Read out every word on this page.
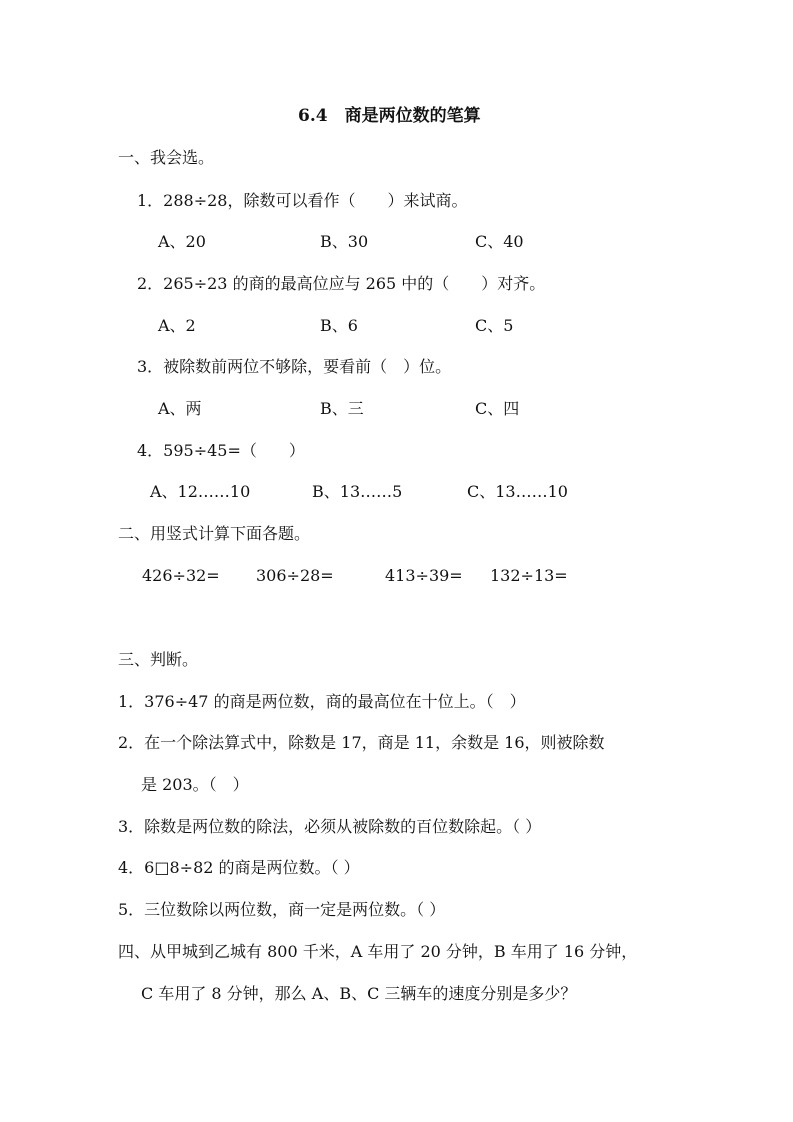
6.4　商是两位数的笔算
一、我会选。
1．288÷28，除数可以看作（　　）来试商。
A、20	B、30	C、40
2．265÷23 的商的最高位应与 265 中的（　　）对齐。
A、2	B、6	C、5
3．被除数前两位不够除，要看前（　）位。
A、两	B、三	C、四
4．595÷45=（　　）
A、12……10	B、13……5	C、13……10
二、用竖式计算下面各题。
426÷32= 306÷28=	413÷39= 132÷13=
三、判断。
1．376÷47 的商是两位数，商的最高位在十位上。（　）
2．在一个除法算式中，除数是 17，商是 11，余数是 16，则被除数
是 203。（　）
3．除数是两位数的除法，必须从被除数的百位数除起。（ ）
4．6□8÷82 的商是两位数。（ ）
5．三位数除以两位数，商一定是两位数。（ ）
四、从甲城到乙城有 800 千米，A 车用了 20 分钟，B 车用了 16 分钟，
C 车用了 8 分钟，那么 A、B、C 三辆车的速度分别是多少？
